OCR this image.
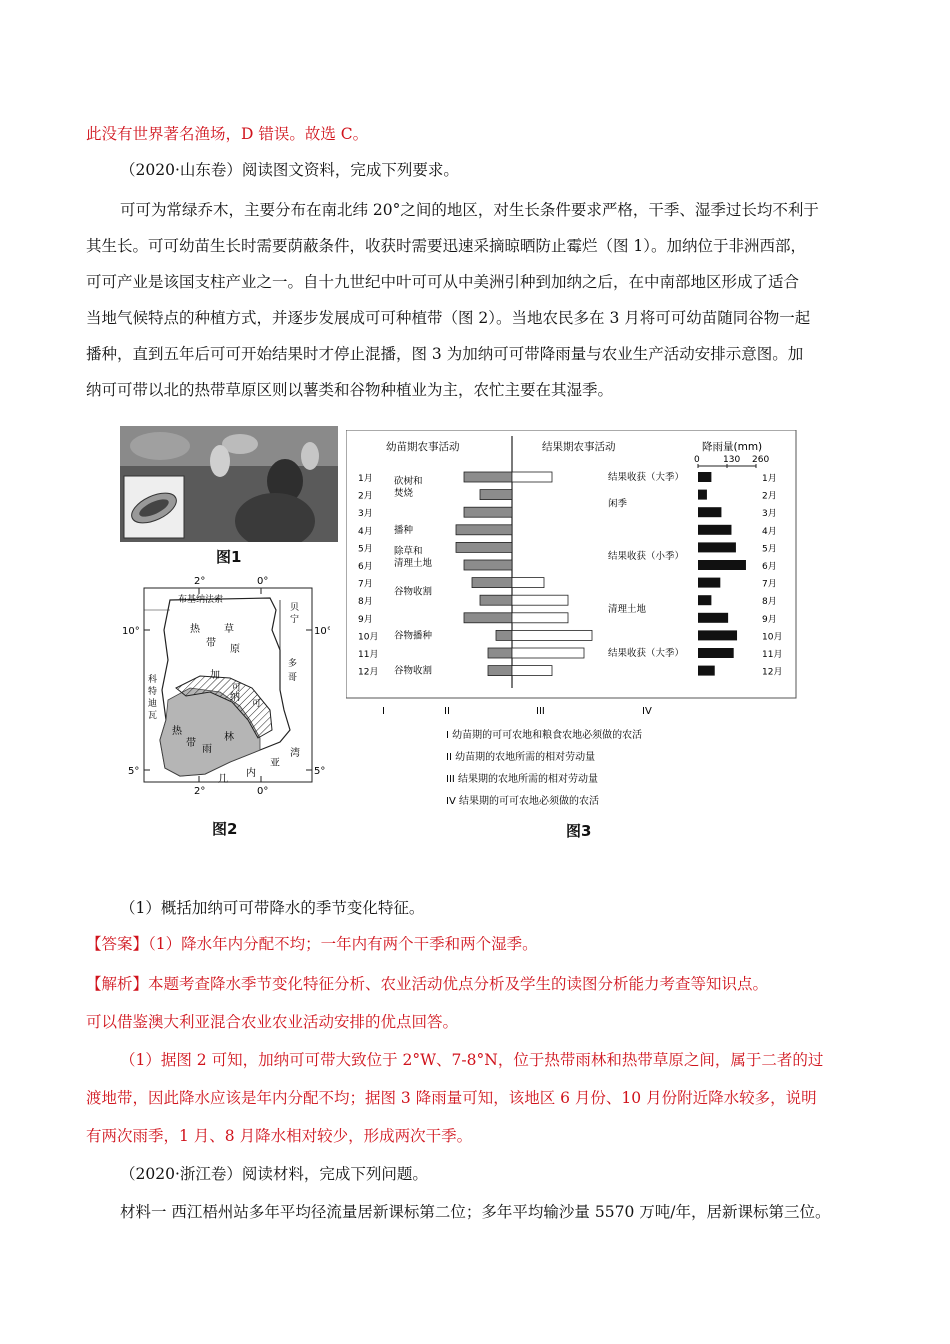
此没有世界著名渔场，D 错误。故选 C。
（2020·山东卷）阅读图文资料，完成下列要求。
可可为常绿乔木，主要分布在南北纬 20°之间的地区，对生长条件要求严格，干季、湿季过长均不利于
其生长。可可幼苗生长时需要荫蔽条件，收获时需要迅速采摘晾晒防止霉烂（图 1）。加纳位于非洲西部，
可可产业是该国支柱产业之一。自十九世纪中叶可可从中美洲引种到加纳之后，在中南部地区形成了适合
当地气候特点的种植方式，并逐步发展成可可种植带（图 2）。当地农民多在 3 月将可可幼苗随同谷物一起
播种，直到五年后可可开始结果时才停止混播，图 3 为加纳可可带降雨量与农业生产活动安排示意图。加
纳可可带以北的热带草原区则以薯类和谷物种植业为主，农忙主要在其湿季。
图1
2°	0°
2°	0°
10°	10°
5°	5°
布基纳法索
贝
宁
多
哥
科
特
迪
瓦
热
带
草
原
加
纳
可
可
热
带
雨
林
几
内
亚
湾
图2
幼苗期农事活动	结果期农事活动	降雨量(mm)
0	130 260
1月	1月
2月	2月
3月	3月
4月	4月
5月	5月
6月	6月
7月	7月
8月	8月
9月	9月
10月	10月
11月	11月
12月	12月
砍树和
焚烧
播种
除草和
清理土地
谷物收割
谷物播种
谷物收割
结果收获（大季）
闲季
结果收获（小季）
清理土地
结果收获（大季）
I	II	III	IV
I 幼苗期的可可农地和粮食农地必须做的农活
II 幼苗期的农地所需的相对劳动量
III 结果期的农地所需的相对劳动量
IV 结果期的可可农地必须做的农活
图3
（1）概括加纳可可带降水的季节变化特征。
【答案】（1）降水年内分配不均；一年内有两个干季和两个湿季。
【解析】本题考查降水季节变化特征分析、农业活动优点分析及学生的读图分析能力考查等知识点。
可以借鉴澳大利亚混合农业农业活动安排的优点回答。
（1）据图 2 可知，加纳可可带大致位于 2°W、7-8°N，位于热带雨林和热带草原之间，属于二者的过
渡地带，因此降水应该是年内分配不均；据图 3 降雨量可知，该地区 6 月份、10 月份附近降水较多，说明
有两次雨季，1 月、8 月降水相对较少，形成两次干季。
（2020·浙江卷）阅读材料，完成下列问题。
材料一 西江梧州站多年平均径流量居新课标第二位；多年平均输沙量 5570 万吨/年，居新课标第三位。
